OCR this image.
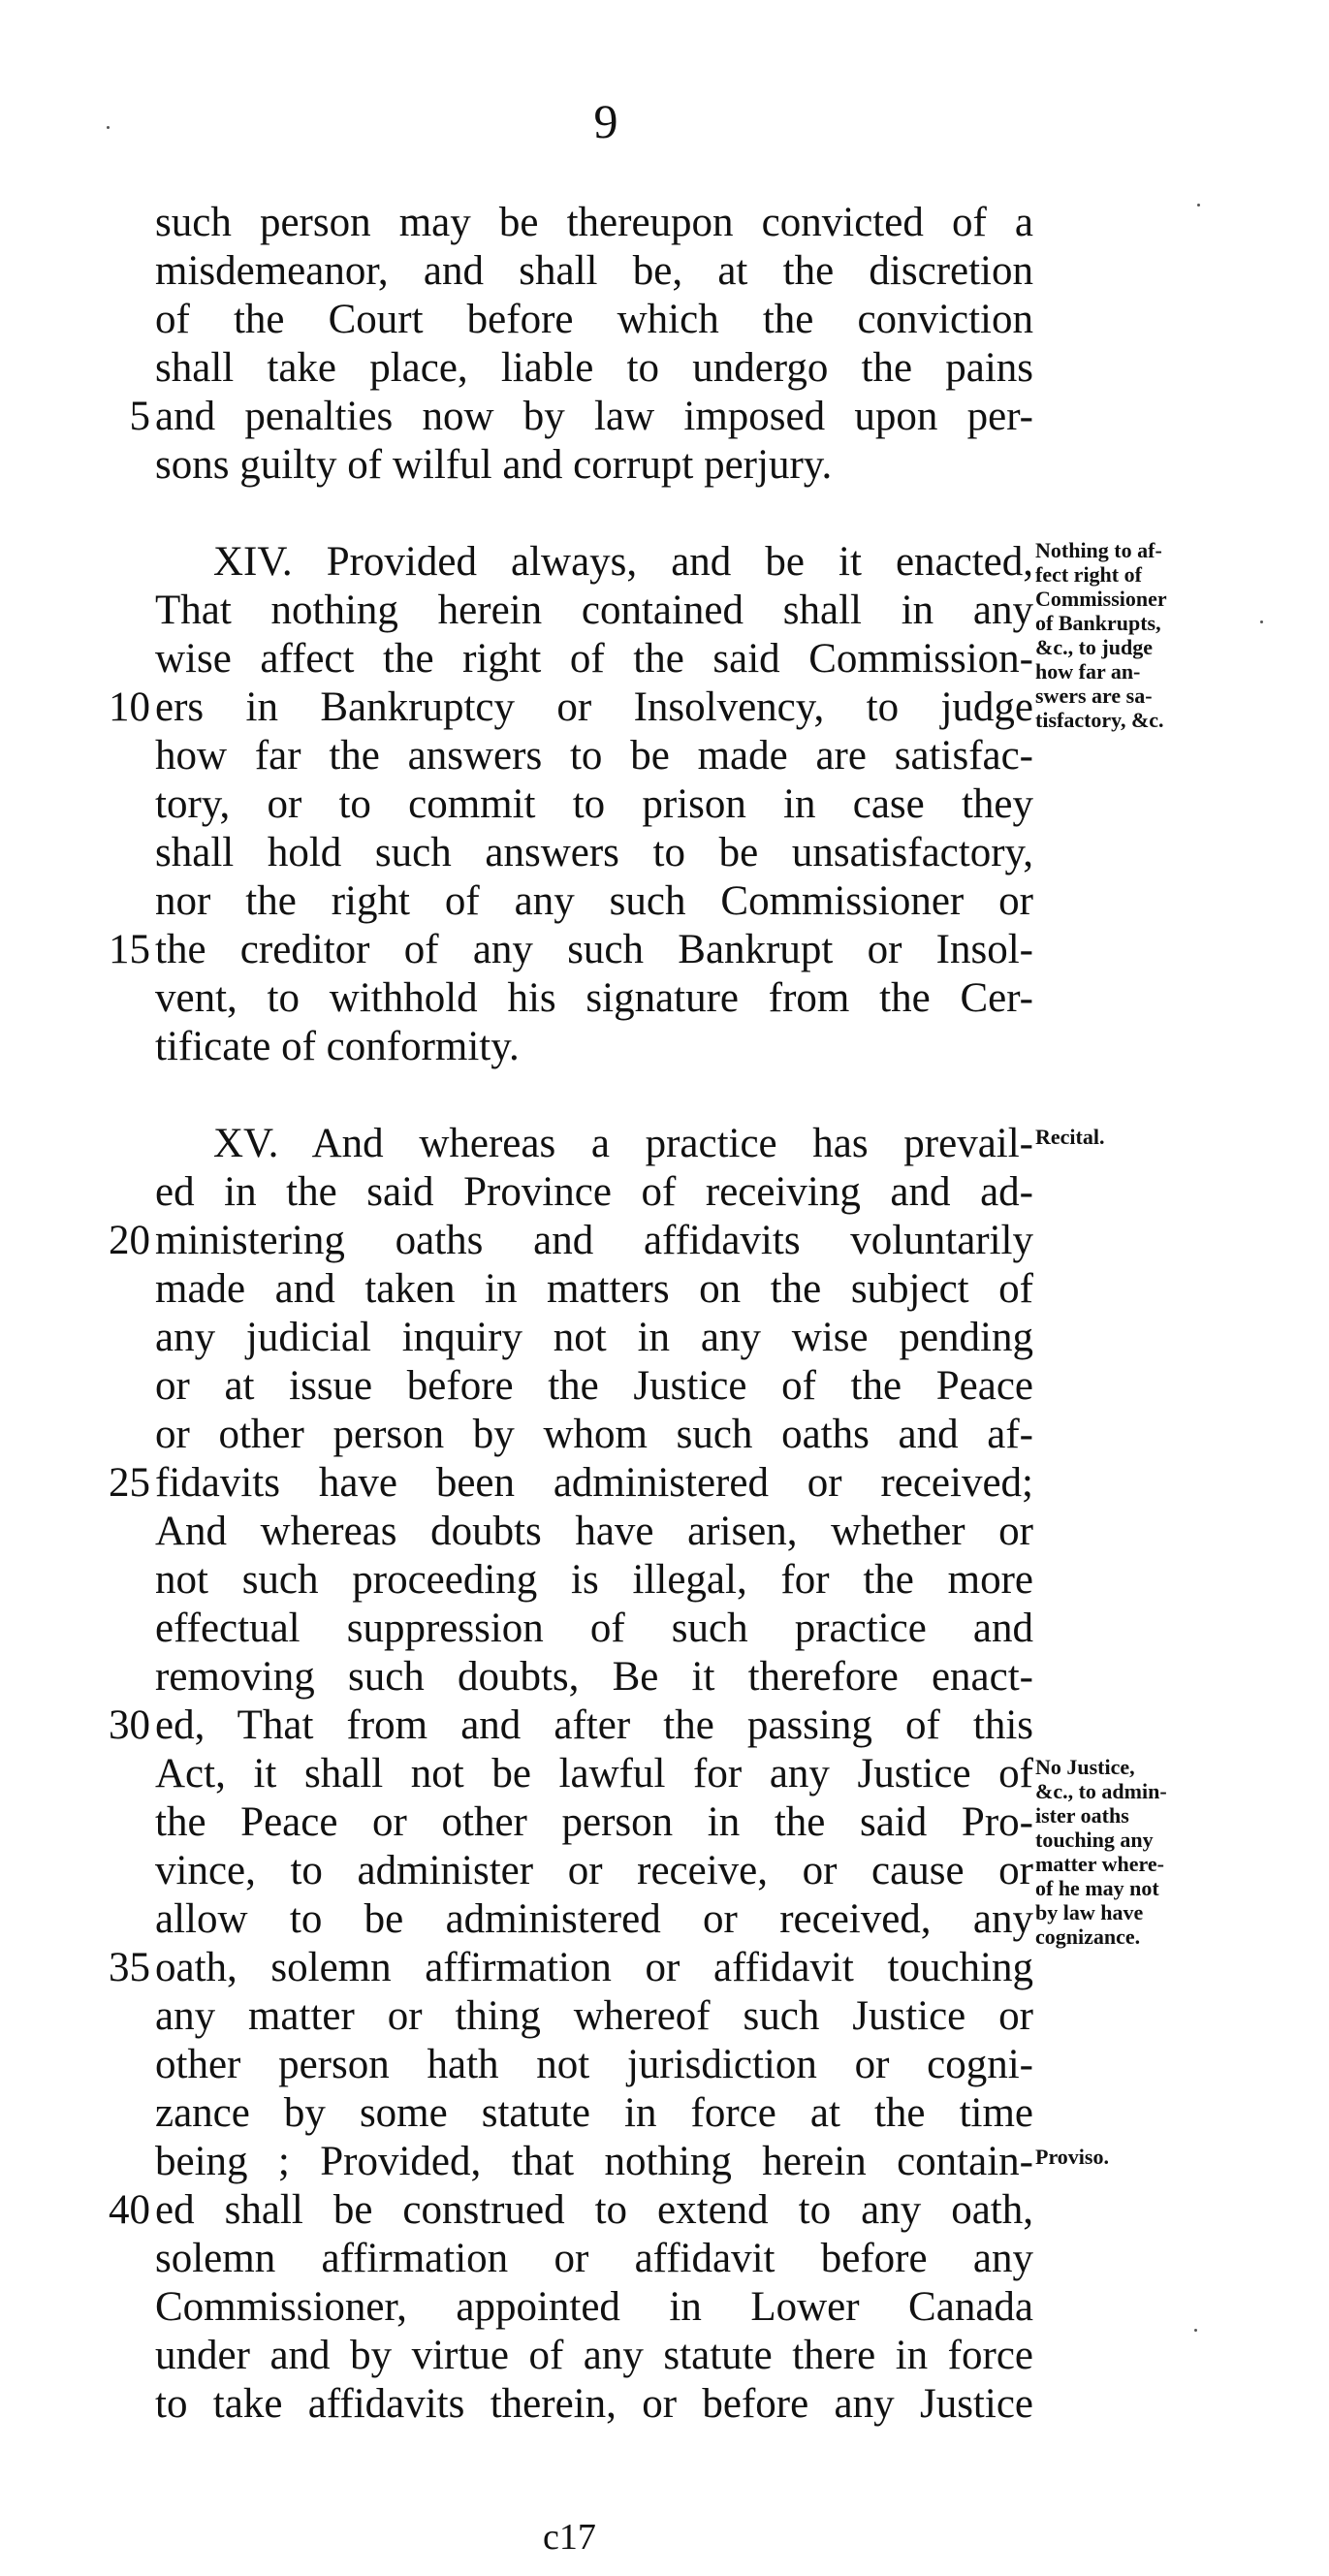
9
such person may be thereupon convicted of a
misdemeanor, and shall be, at the discretion
of the Court before which the conviction
shall take place, liable to undergo the pains
and penalties now by law imposed upon per-
5
sons guilty of wilful and corrupt perjury.
XIV. Provided always, and be it enacted,
That nothing herein contained shall in any
wise affect the right of the said Commission-
ers in Bankruptcy or Insolvency, to judge
10
how far the answers to be made are satisfac-
tory, or to commit to prison in case they
shall hold such answers to be unsatisfactory,
nor the right of any such Commissioner or
the creditor of any such Bankrupt or Insol-
15
vent, to withhold his signature from the Cer-
tificate of conformity.
XV. And whereas a practice has prevail-
ed in the said Province of receiving and ad-
ministering oaths and affidavits voluntarily
20
made and taken in matters on the subject of
any judicial inquiry not in any wise pending
or at issue before the Justice of the Peace
or other person by whom such oaths and af-
fidavits have been administered or received;
25
And whereas doubts have arisen, whether or
not such proceeding is illegal, for the more
effectual suppression of such practice and
removing such doubts, Be it therefore enact-
ed, That from and after the passing of this
30
Act, it shall not be lawful for any Justice of
the Peace or other person in the said Pro-
vince, to administer or receive, or cause or
allow to be administered or received, any
oath, solemn affirmation or affidavit touching
35
any matter or thing whereof such Justice or
other person hath not jurisdiction or cogni-
zance by some statute in force at the time
being ; Provided, that nothing herein contain-
ed shall be construed to extend to any oath,
40
solemn affirmation or affidavit before any
Commissioner, appointed in Lower Canada
under and by virtue of any statute there in force
to take affidavits therein, or before any Justice
Nothing to af-
fect right of
Commissioner
of Bankrupts,
&c., to judge
how far an-
swers are sa-
tisfactory, &c.
Recital.
No Justice,
&c., to admin-
ister oaths
touching any
matter where-
of he may not
by law have
cognizance.
Proviso.
c17
